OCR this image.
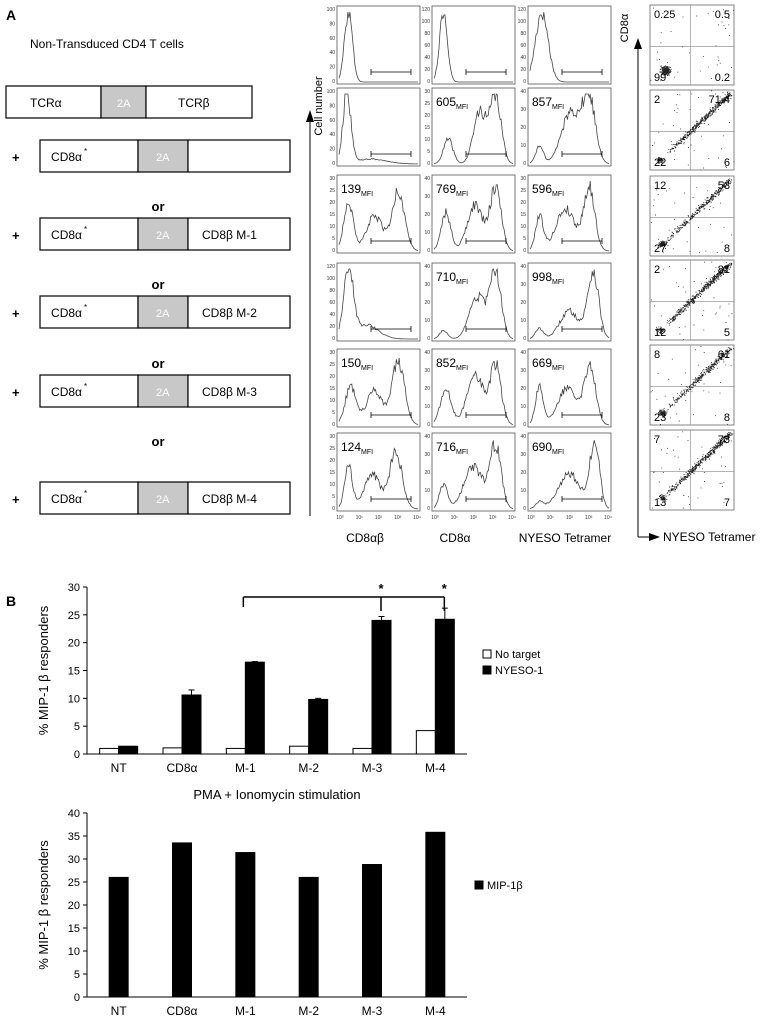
A
Non-Transduced CD4 T cells
TCRα	2A	TCRβ
+	CD8α *
2A
+	CD8α *
2A	CD8β M-1
+	CD8α *
2A	CD8β M-2
+	CD8α *
2A	CD8β M-3
+	CD8α *
2A	CD8β M-4
or
or
or
or
Cell number
100
80
60
40
20
0
120
100
80
60
40
20
0
120
100
80
60
40
20
0
100
80
60
40
20
0
30
25
20
15
10
5
0
$605_{MFI}$
40
30
20
10
0
$857_{MFI}$
30
25
20
15
10
5
0
$139_{MFI}$
40
30
20
10
0
$769_{MFI}$
30
25
20
15
10
5
0
$596_{MFI}$
120
100
80
60
40
20
0
40
30
20
10
0
$710_{MFI}$
40
30
20
10
0
$998_{MFI}$
30
25
20
15
10
5
0
$150_{MFI}$
40
30
20
10
0
$852_{MFI}$
40
30
20
10
0
$669_{MFI}$
30
25
20
15
10
5
0
$124_{MFI}$
10⁰ 10¹ 10² 10³ 10⁴
40
30
20
10
0
$716_{MFI}$
10⁰ 10¹ 10² 10³ 10⁴
40
30
20
10
0
$690_{MFI}$
10⁰ 10¹ 10² 10³ 10⁴
CD8αβ	CD8α	NYESO Tetramer
0.25	0.5
99	0.2
2	71.4
22	6
12	53
27	8
2	81
12	5
8	61
23	8
7	73
13	7
CD8α
NYESO Tetramer
B
0
5
10
15
20
25
30
% MIP-1 β responders
NT	CD8α	M-1	M-2	M-3	M-4
No target
NYESO-1
*	*
0
5
10
15
20
25
30
35
40
% MIP-1 β responders
NT	CD8α	M-1	M-2	M-3	M-4
MIP-1β
PMA + Ionomycin stimulation
